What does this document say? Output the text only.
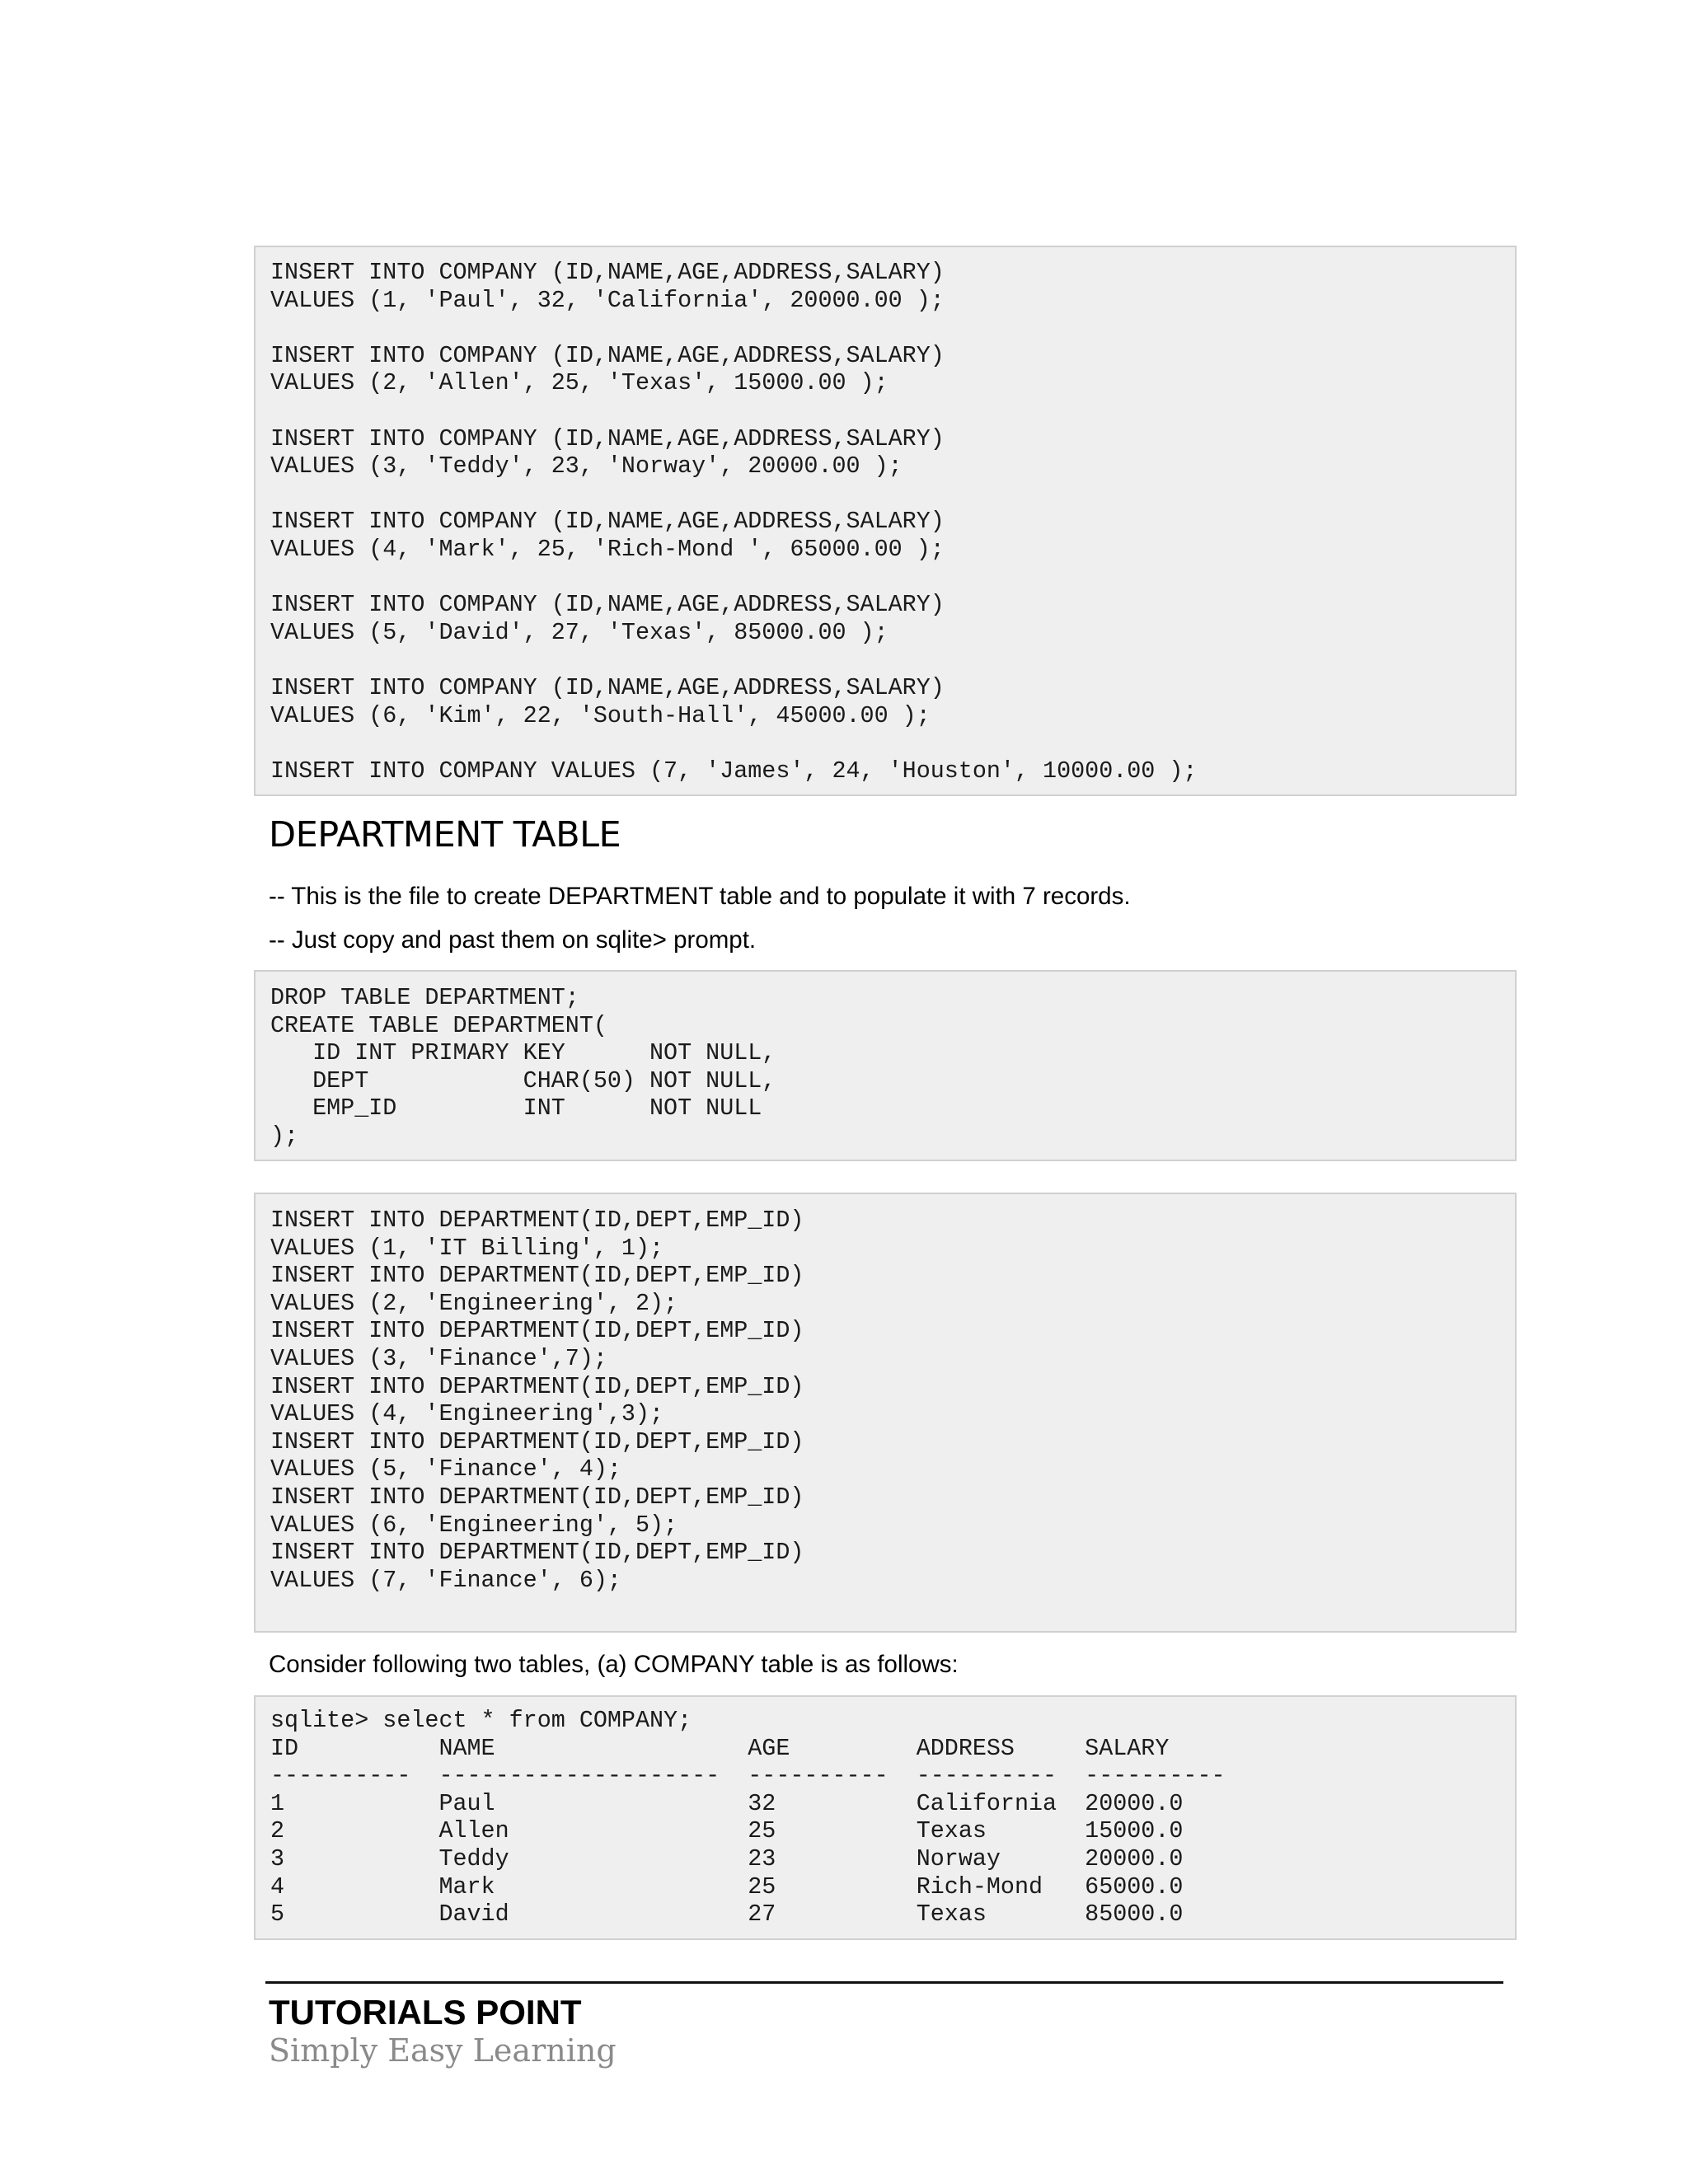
INSERT INTO COMPANY (ID,NAME,AGE,ADDRESS,SALARY)
VALUES (1, 'Paul', 32, 'California', 20000.00 );

INSERT INTO COMPANY (ID,NAME,AGE,ADDRESS,SALARY)
VALUES (2, 'Allen', 25, 'Texas', 15000.00 );

INSERT INTO COMPANY (ID,NAME,AGE,ADDRESS,SALARY)
VALUES (3, 'Teddy', 23, 'Norway', 20000.00 );

INSERT INTO COMPANY (ID,NAME,AGE,ADDRESS,SALARY)
VALUES (4, 'Mark', 25, 'Rich-Mond ', 65000.00 );

INSERT INTO COMPANY (ID,NAME,AGE,ADDRESS,SALARY)
VALUES (5, 'David', 27, 'Texas', 85000.00 );

INSERT INTO COMPANY (ID,NAME,AGE,ADDRESS,SALARY)
VALUES (6, 'Kim', 22, 'South-Hall', 45000.00 );

INSERT INTO COMPANY VALUES (7, 'James', 24, 'Houston', 10000.00 );
DEPARTMENT TABLE

-- This is the file to create DEPARTMENT table and to populate it with 7 records.

-- Just copy and past them on sqlite> prompt.

DROP TABLE DEPARTMENT;
CREATE TABLE DEPARTMENT(
ID INT PRIMARY KEY      NOT NULL,
DEPT           CHAR(50) NOT NULL,
EMP_ID         INT      NOT NULL
);
INSERT INTO DEPARTMENT(ID,DEPT,EMP_ID)
VALUES (1, 'IT Billing', 1);
INSERT INTO DEPARTMENT(ID,DEPT,EMP_ID)
VALUES (2, 'Engineering', 2);
INSERT INTO DEPARTMENT(ID,DEPT,EMP_ID)
VALUES (3, 'Finance',7);
INSERT INTO DEPARTMENT(ID,DEPT,EMP_ID)
VALUES (4, 'Engineering',3);
INSERT INTO DEPARTMENT(ID,DEPT,EMP_ID)
VALUES (5, 'Finance', 4);
INSERT INTO DEPARTMENT(ID,DEPT,EMP_ID)
VALUES (6, 'Engineering', 5);
INSERT INTO DEPARTMENT(ID,DEPT,EMP_ID)
VALUES (7, 'Finance', 6);

Consider following two tables, (a) COMPANY table is as follows:

sqlite> select * from COMPANY;
ID          NAME                  AGE         ADDRESS     SALARY
----------  --------------------  ----------  ----------  ----------
1           Paul                  32          California  20000.0
2           Allen                 25          Texas       15000.0
3           Teddy                 23          Norway      20000.0
4           Mark                  25          Rich-Mond   65000.0
5           David                 27          Texas       85000.0

TUTORIALS POINT

Simply Easy Learning
